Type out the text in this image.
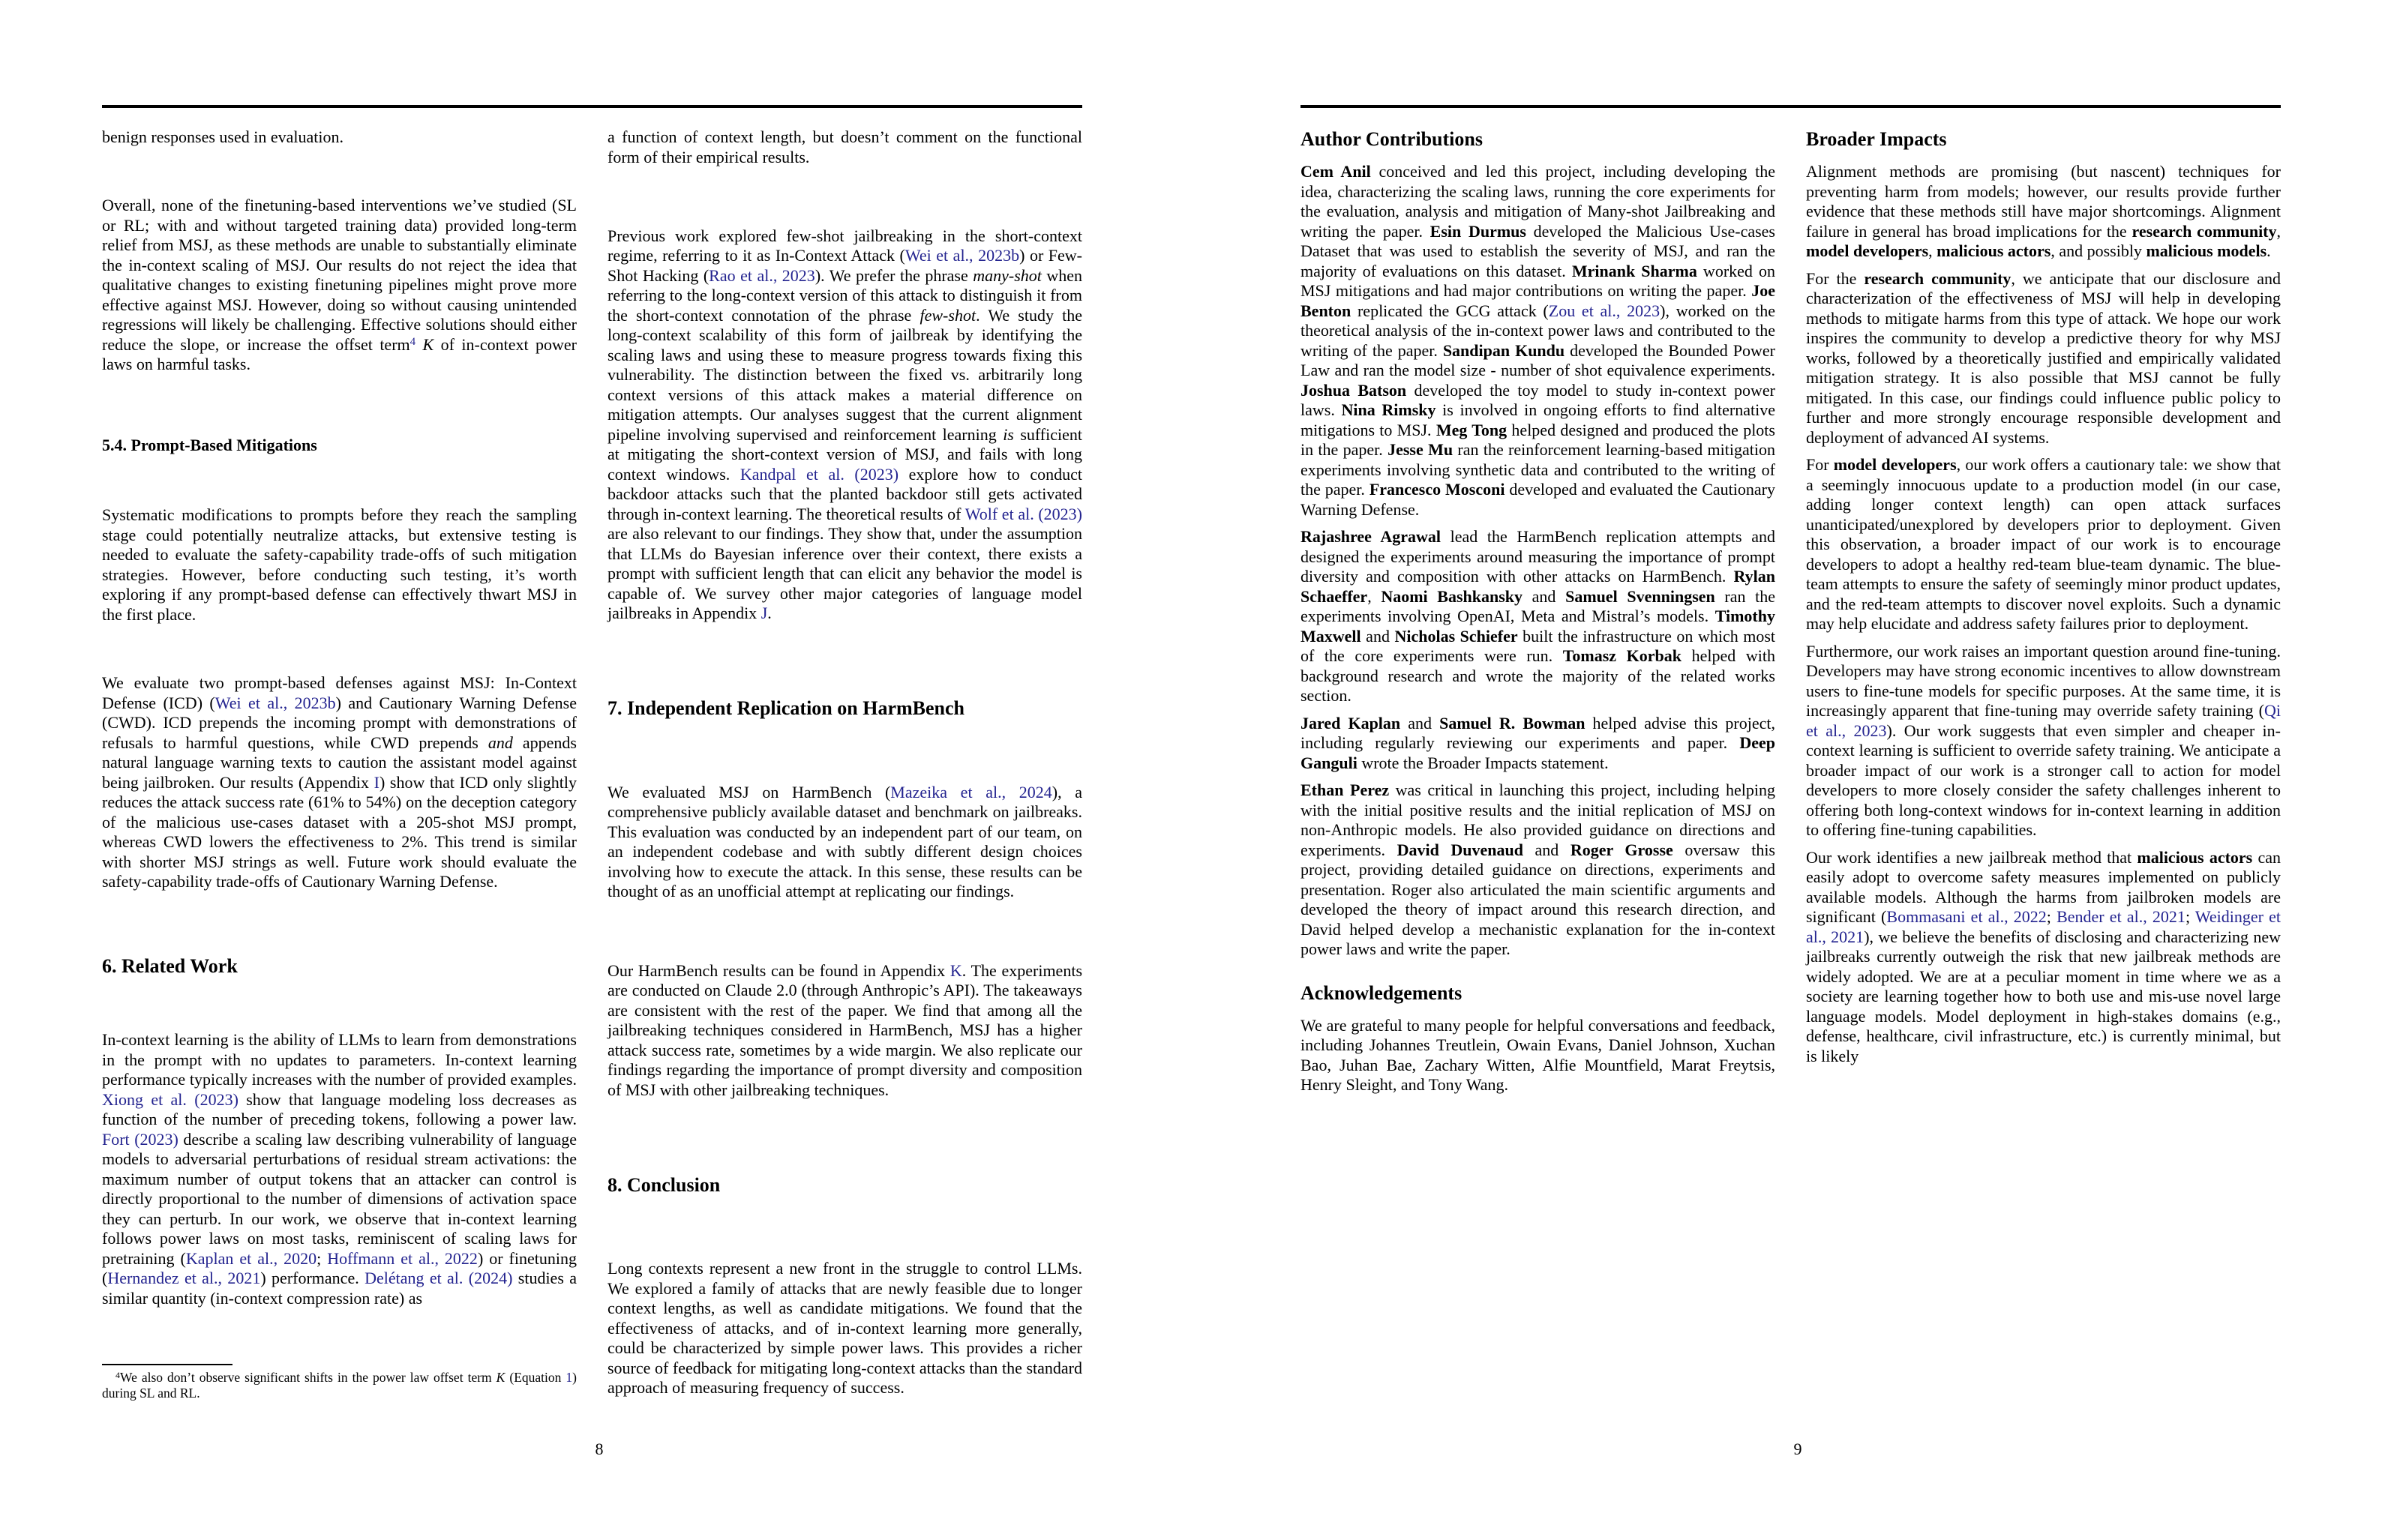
benign responses used in evaluation.
Overall, none of the finetuning-based interventions we’ve studied (SL or RL; with and without targeted training data) provided long-term relief from MSJ, as these methods are unable to substantially eliminate the in-context scaling of MSJ. Our results do not reject the idea that qualitative changes to existing finetuning pipelines might prove more effective against MSJ. However, doing so without causing unintended regressions will likely be challenging. Effective solutions should either reduce the slope, or increase the offset term$^4$ K of in-context power laws on harmful tasks.
5.4. Prompt-Based Mitigations
Systematic modifications to prompts before they reach the sampling stage could potentially neutralize attacks, but extensive testing is needed to evaluate the safety-capability trade-offs of such mitigation strategies. However, before conducting such testing, it’s worth exploring if any prompt-based defense can effectively thwart MSJ in the first place.
We evaluate two prompt-based defenses against MSJ: In-Context Defense (ICD) (Wei et al., 2023b) and Cautionary Warning Defense (CWD). ICD prepends the incoming prompt with demonstrations of refusals to harmful questions, while CWD prepends and appends natural language warning texts to caution the assistant model against being jailbroken. Our results (Appendix I) show that ICD only slightly reduces the attack success rate (61% to 54%) on the deception category of the malicious use-cases dataset with a 205-shot MSJ prompt, whereas CWD lowers the effectiveness to 2%. This trend is similar with shorter MSJ strings as well. Future work should evaluate the safety-capability trade-offs of Cautionary Warning Defense.
6. Related Work
In-context learning is the ability of LLMs to learn from demonstrations in the prompt with no updates to parameters. In-context learning performance typically increases with the number of provided examples. Xiong et al. (2023) show that language modeling loss decreases as function of the number of preceding tokens, following a power law. Fort (2023) describe a scaling law describing vulnerability of language models to adversarial perturbations of residual stream activations: the maximum number of output tokens that an attacker can control is directly proportional to the number of dimensions of activation space they can perturb. In our work, we observe that in-context learning follows power laws on most tasks, reminiscent of scaling laws for pretraining (Kaplan et al., 2020; Hoffmann et al., 2022) or finetuning (Hernandez et al., 2021) performance. Delétang et al. (2024) studies a similar quantity (in-context compression rate) as
$^4$We also don’t observe significant shifts in the power law offset term K (Equation 1) during SL and RL.
a function of context length, but doesn’t comment on the functional form of their empirical results.
Previous work explored few-shot jailbreaking in the short-context regime, referring to it as In-Context Attack (Wei et al., 2023b) or Few-Shot Hacking (Rao et al., 2023). We prefer the phrase many-shot when referring to the long-context version of this attack to distinguish it from the short-context connotation of the phrase few-shot. We study the long-context scalability of this form of jailbreak by identifying the scaling laws and using these to measure progress towards fixing this vulnerability. The distinction between the fixed vs. arbitrarily long context versions of this attack makes a material difference on mitigation attempts. Our analyses suggest that the current alignment pipeline involving supervised and reinforcement learning is sufficient at mitigating the short-context version of MSJ, and fails with long context windows. Kandpal et al. (2023) explore how to conduct backdoor attacks such that the planted backdoor still gets activated through in-context learning. The theoretical results of Wolf et al. (2023) are also relevant to our findings. They show that, under the assumption that LLMs do Bayesian inference over their context, there exists a prompt with sufficient length that can elicit any behavior the model is capable of. We survey other major categories of language model jailbreaks in Appendix J.
7. Independent Replication on HarmBench
We evaluated MSJ on HarmBench (Mazeika et al., 2024), a comprehensive publicly available dataset and benchmark on jailbreaks. This evaluation was conducted by an independent part of our team, on an independent codebase and with subtly different design choices involving how to execute the attack. In this sense, these results can be thought of as an unofficial attempt at replicating our findings.
Our HarmBench results can be found in Appendix K. The experiments are conducted on Claude 2.0 (through Anthropic’s API). The takeaways are consistent with the rest of the paper. We find that among all the jailbreaking techniques considered in HarmBench, MSJ has a higher attack success rate, sometimes by a wide margin. We also replicate our findings regarding the importance of prompt diversity and composition of MSJ with other jailbreaking techniques.
8. Conclusion
Long contexts represent a new front in the struggle to control LLMs. We explored a family of attacks that are newly feasible due to longer context lengths, as well as candidate mitigations. We found that the effectiveness of attacks, and of in-context learning more generally, could be characterized by simple power laws. This provides a richer source of feedback for mitigating long-context attacks than the standard approach of measuring frequency of success.
8
Author Contributions
Cem Anil conceived and led this project, including developing the idea, characterizing the scaling laws, running the core experiments for the evaluation, analysis and mitigation of Many-shot Jailbreaking and writing the paper. Esin Durmus developed the Malicious Use-cases Dataset that was used to establish the severity of MSJ, and ran the majority of evaluations on this dataset. Mrinank Sharma worked on MSJ mitigations and had major contributions on writing the paper. Joe Benton replicated the GCG attack (Zou et al., 2023), worked on the theoretical analysis of the in-context power laws and contributed to the writing of the paper. Sandipan Kundu developed the Bounded Power Law and ran the model size - number of shot equivalence experiments. Joshua Batson developed the toy model to study in-context power laws. Nina Rimsky is involved in ongoing efforts to find alternative mitigations to MSJ. Meg Tong helped designed and produced the plots in the paper. Jesse Mu ran the reinforcement learning-based mitigation experiments involving synthetic data and contributed to the writing of the paper. Francesco Mosconi developed and evaluated the Cautionary Warning Defense.
Rajashree Agrawal lead the HarmBench replication attempts and designed the experiments around measuring the importance of prompt diversity and composition with other attacks on HarmBench. Rylan Schaeffer, Naomi Bashkansky and Samuel Svenningsen ran the experiments involving OpenAI, Meta and Mistral’s models. Timothy Maxwell and Nicholas Schiefer built the infrastructure on which most of the core experiments were run. Tomasz Korbak helped with background research and wrote the majority of the related works section.
Jared Kaplan and Samuel R. Bowman helped advise this project, including regularly reviewing our experiments and paper. Deep Ganguli wrote the Broader Impacts statement.
Ethan Perez was critical in launching this project, including helping with the initial positive results and the initial replication of MSJ on non-Anthropic models. He also provided guidance on directions and experiments. David Duvenaud and Roger Grosse oversaw this project, providing detailed guidance on directions, experiments and presentation. Roger also articulated the main scientific arguments and developed the theory of impact around this research direction, and David helped develop a mechanistic explanation for the in-context power laws and write the paper.
Acknowledgements
We are grateful to many people for helpful conversations and feedback, including Johannes Treutlein, Owain Evans, Daniel Johnson, Xuchan Bao, Juhan Bae, Zachary Witten, Alfie Mountfield, Marat Freytsis, Henry Sleight, and Tony Wang.
Broader Impacts
Alignment methods are promising (but nascent) techniques for preventing harm from models; however, our results provide further evidence that these methods still have major shortcomings. Alignment failure in general has broad implications for the research community, model developers, malicious actors, and possibly malicious models.
For the research community, we anticipate that our disclosure and characterization of the effectiveness of MSJ will help in developing methods to mitigate harms from this type of attack. We hope our work inspires the community to develop a predictive theory for why MSJ works, followed by a theoretically justified and empirically validated mitigation strategy. It is also possible that MSJ cannot be fully mitigated. In this case, our findings could influence public policy to further and more strongly encourage responsible development and deployment of advanced AI systems.
For model developers, our work offers a cautionary tale: we show that a seemingly innocuous update to a production model (in our case, adding longer context length) can open attack surfaces unanticipated/unexplored by developers prior to deployment. Given this observation, a broader impact of our work is to encourage developers to adopt a healthy red-team blue-team dynamic. The blue-team attempts to ensure the safety of seemingly minor product updates, and the red-team attempts to discover novel exploits. Such a dynamic may help elucidate and address safety failures prior to deployment.
Furthermore, our work raises an important question around fine-tuning. Developers may have strong economic incentives to allow downstream users to fine-tune models for specific purposes. At the same time, it is increasingly apparent that fine-tuning may override safety training (Qi et al., 2023). Our work suggests that even simpler and cheaper in-context learning is sufficient to override safety training. We anticipate a broader impact of our work is a stronger call to action for model developers to more closely consider the safety challenges inherent to offering both long-context windows for in-context learning in addition to offering fine-tuning capabilities.
Our work identifies a new jailbreak method that malicious actors can easily adopt to overcome safety measures implemented on publicly available models. Although the harms from jailbroken models are significant (Bommasani et al., 2022; Bender et al., 2021; Weidinger et al., 2021), we believe the benefits of disclosing and characterizing new jailbreaks currently outweigh the risk that new jailbreak methods are widely adopted. We are at a peculiar moment in time where we as a society are learning together how to both use and mis-use novel large language models. Model deployment in high-stakes domains (e.g., defense, healthcare, civil infrastructure, etc.) is currently minimal, but is likely
9
